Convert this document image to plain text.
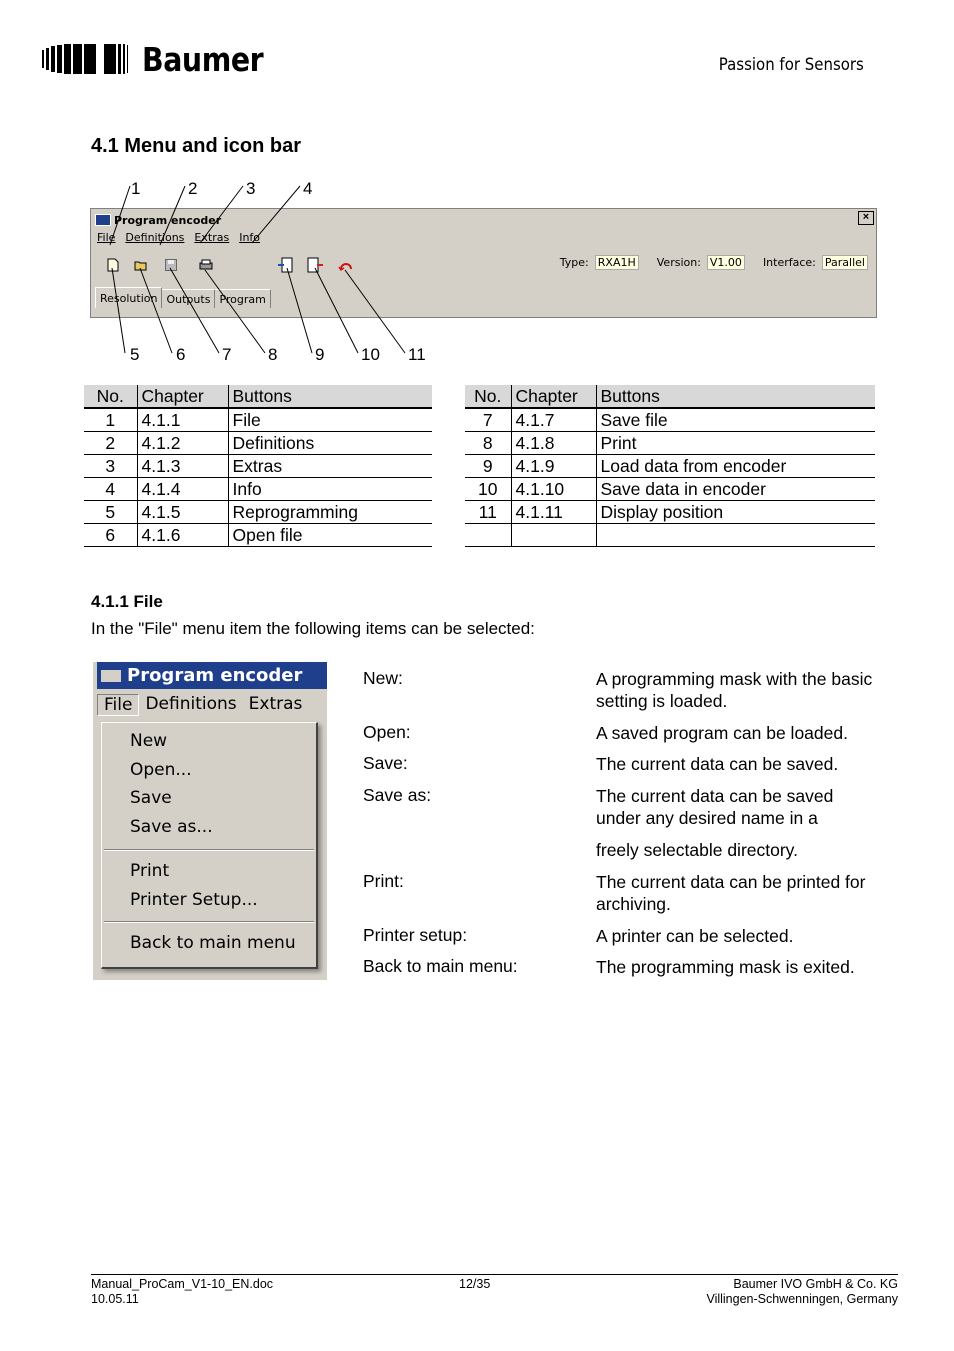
Baumer	Passion for Sensors
4.1 Menu and icon bar
1	2	3	4
5 6 7 8 9 10 11
Program encoder	×
File Definitions Extras Info
Type: RXA1H Version: V1.00 Interface: Parallel
Resolution Outputs Program
No.	Chapter	Buttons
1	4.1.1	File
2	4.1.2	Definitions
3	4.1.3	Extras
4	4.1.4	Info
5	4.1.5	Reprogramming
6	4.1.6	Open file
No.	Chapter	Buttons
7	4.1.7	Save file
8	4.1.8	Print
9	4.1.9	Load data from encoder
10	4.1.10	Save data in encoder
11	4.1.11	Display position

4.1.1 File
In the "File" menu item the following items can be selected:
Program encoder
File Definitions Extras
New
Open...
Save
Save as...
Print
Printer Setup...
Back to main menu
New:	A programming mask with the basic setting is loaded.
Open:	A saved program can be loaded.
Save:	The current data can be saved.
Save as:	The current data can be saved under any desired name in a
freely selectable directory.
Print:	The current data can be printed for archiving.
Printer setup:	A printer can be selected.
Back to main menu:	The programming mask is exited.
Manual_ProCam_V1-10_EN.doc
10.05.11
12/35	Baumer IVO GmbH & Co. KG
Villingen-Schwenningen, Germany
